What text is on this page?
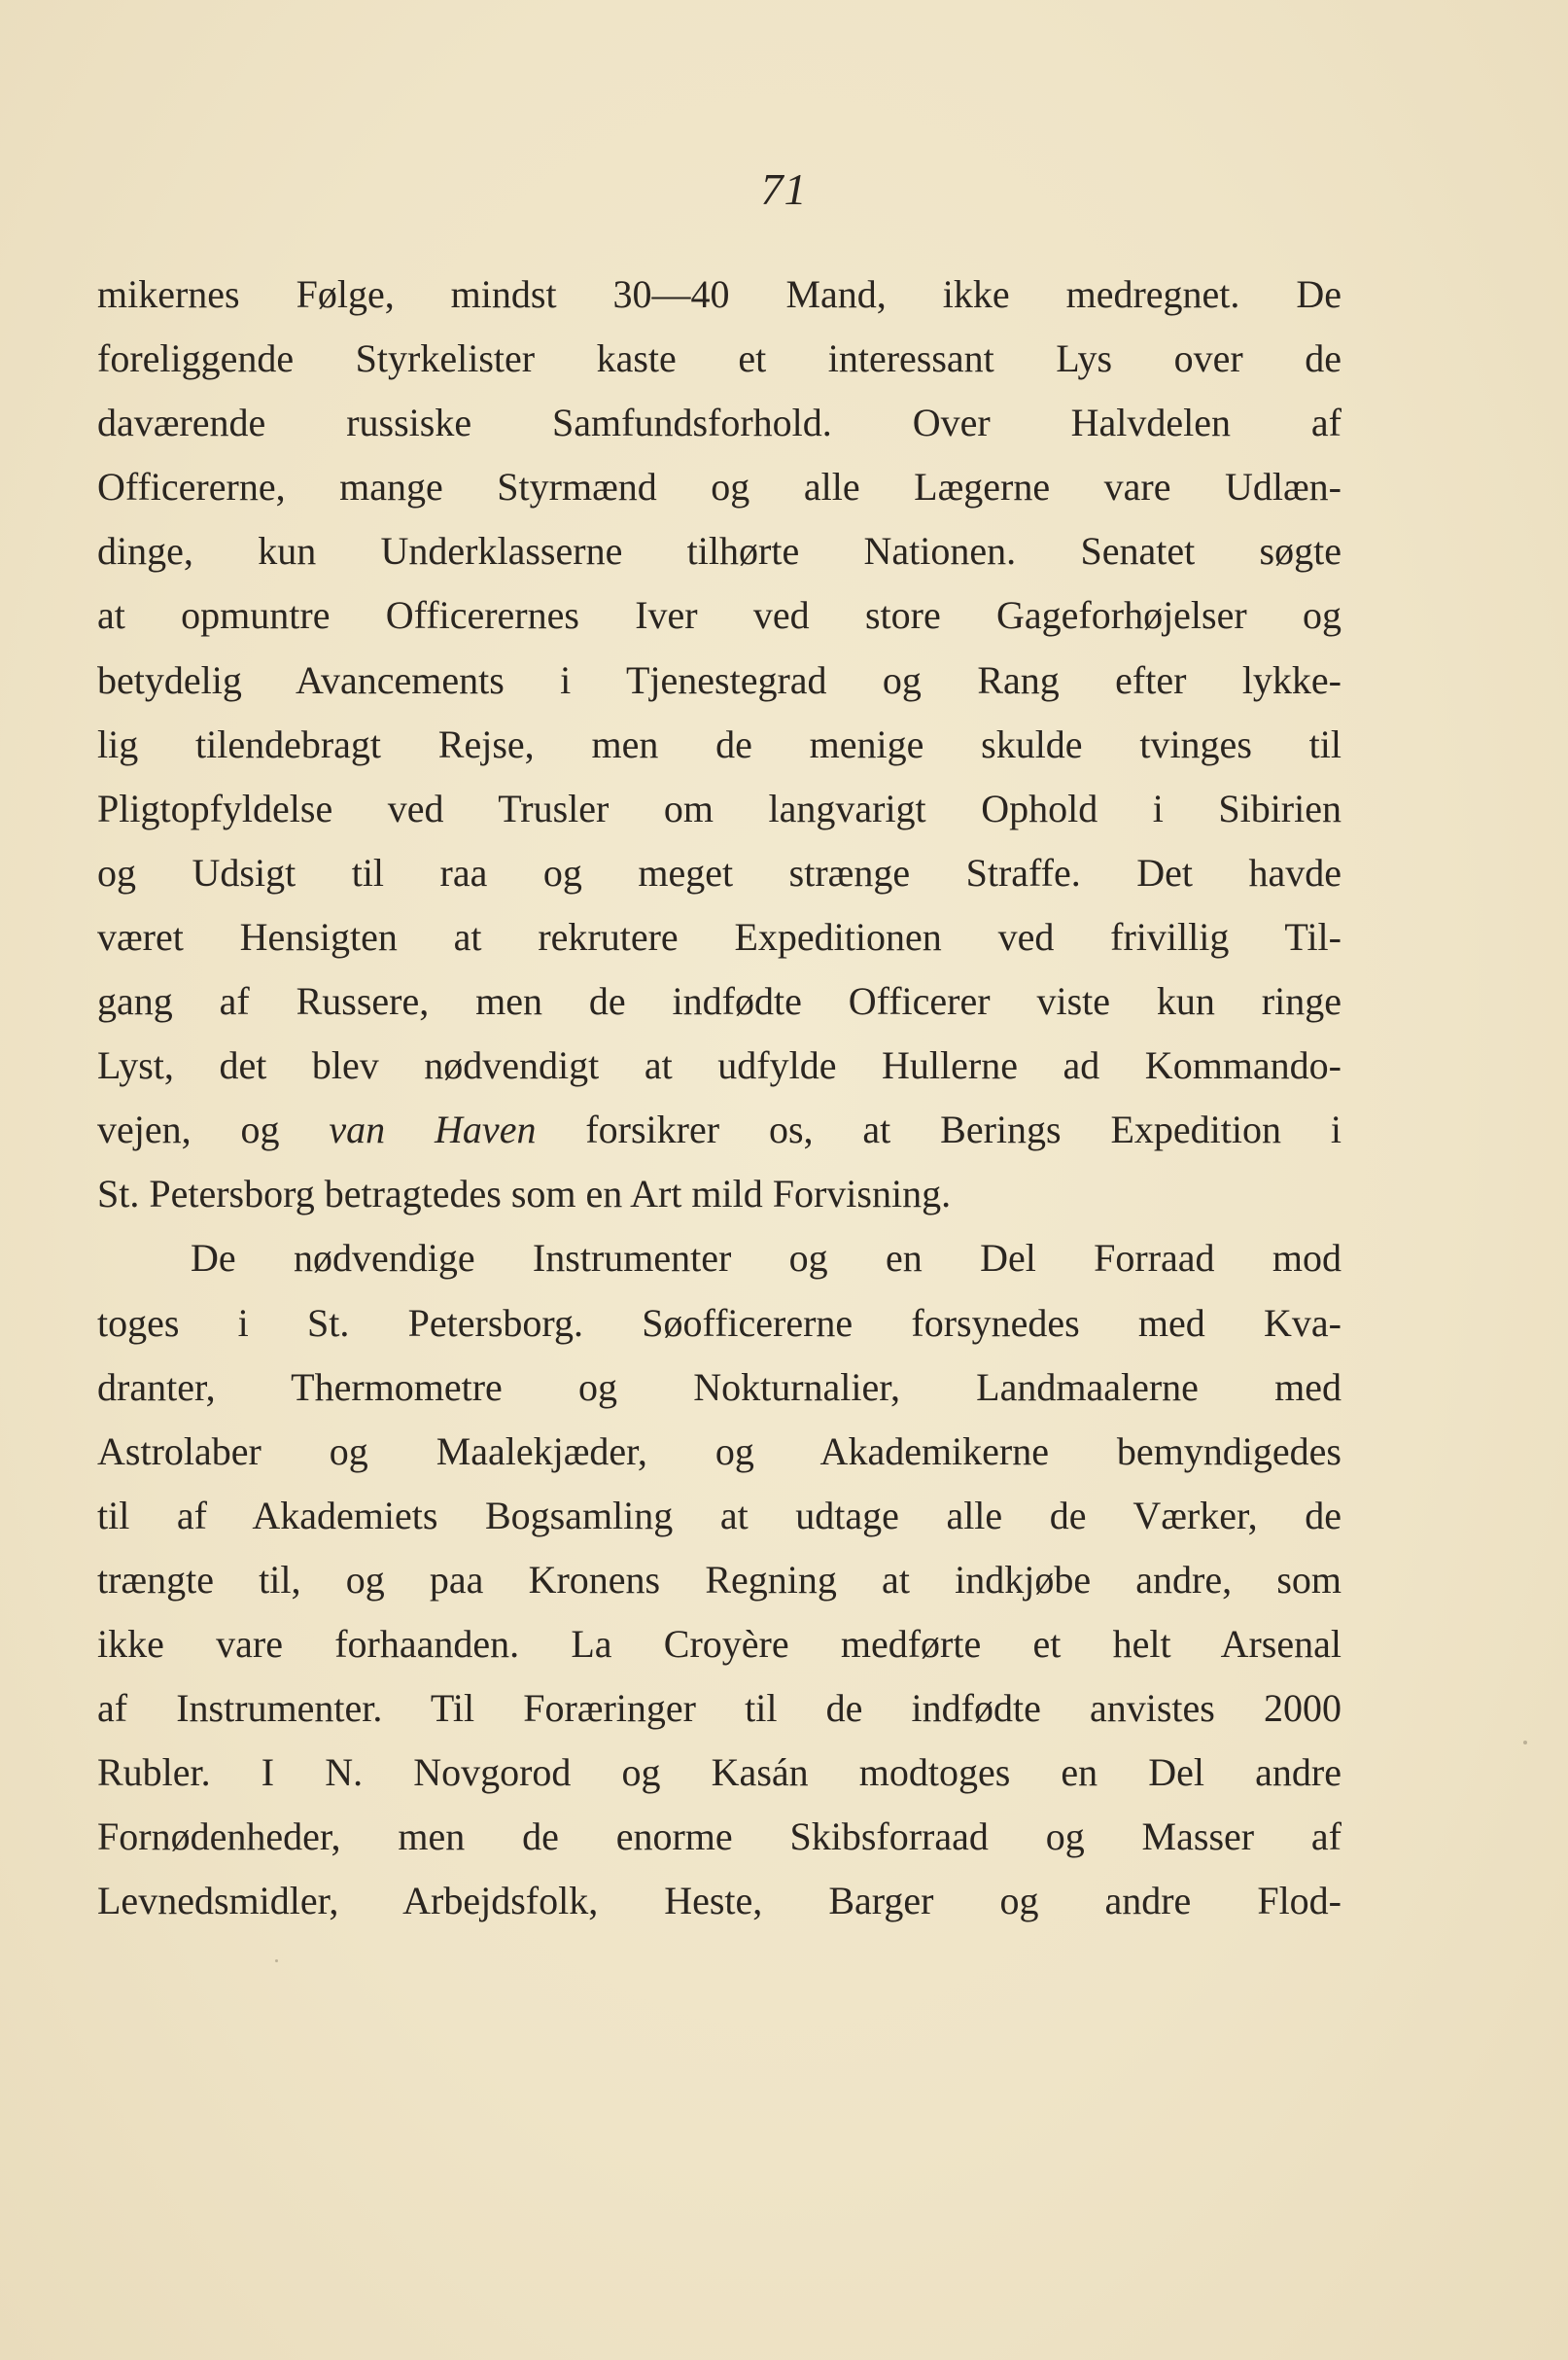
71
mikernes Følge, mindst 30—40 Mand, ikke medregnet. De
foreliggende Styrkelister kaste et interessant Lys over de
daværende russiske Samfundsforhold. Over Halvdelen af
Officererne, mange Styrmænd og alle Lægerne vare Udlæn-
dinge, kun Underklasserne tilhørte Nationen. Senatet søgte
at opmuntre Officerernes Iver ved store Gageforhøjelser og
betydelig Avancements i Tjenestegrad og Rang efter lykke-
lig tilendebragt Rejse, men de menige skulde tvinges til
Pligtopfyldelse ved Trusler om langvarigt Ophold i Sibirien
og Udsigt til raa og meget strænge Straffe. Det havde
været Hensigten at rekrutere Expeditionen ved frivillig Til-
gang af Russere, men de indfødte Officerer viste kun ringe
Lyst, det blev nødvendigt at udfylde Hullerne ad Kommando-
vejen, og van Haven forsikrer os, at Berings Expedition i
St. Petersborg betragtedes som en Art mild Forvisning.
De nødvendige Instrumenter og en Del Forraad mod
toges i St. Petersborg. Søofficererne forsynedes med Kva-
dranter, Thermometre og Nokturnalier, Landmaalerne med
Astrolaber og Maalekjæder, og Akademikerne bemyndigedes
til af Akademiets Bogsamling at udtage alle de Værker, de
trængte til, og paa Kronens Regning at indkjøbe andre, som
ikke vare forhaanden. La Croyère medførte et helt Arsenal
af Instrumenter. Til Foræringer til de indfødte anvistes 2000
Rubler. I N. Novgorod og Kasán modtoges en Del andre
Fornødenheder, men de enorme Skibsforraad og Masser af
Levnedsmidler, Arbejdsfolk, Heste, Barger og andre Flod-
